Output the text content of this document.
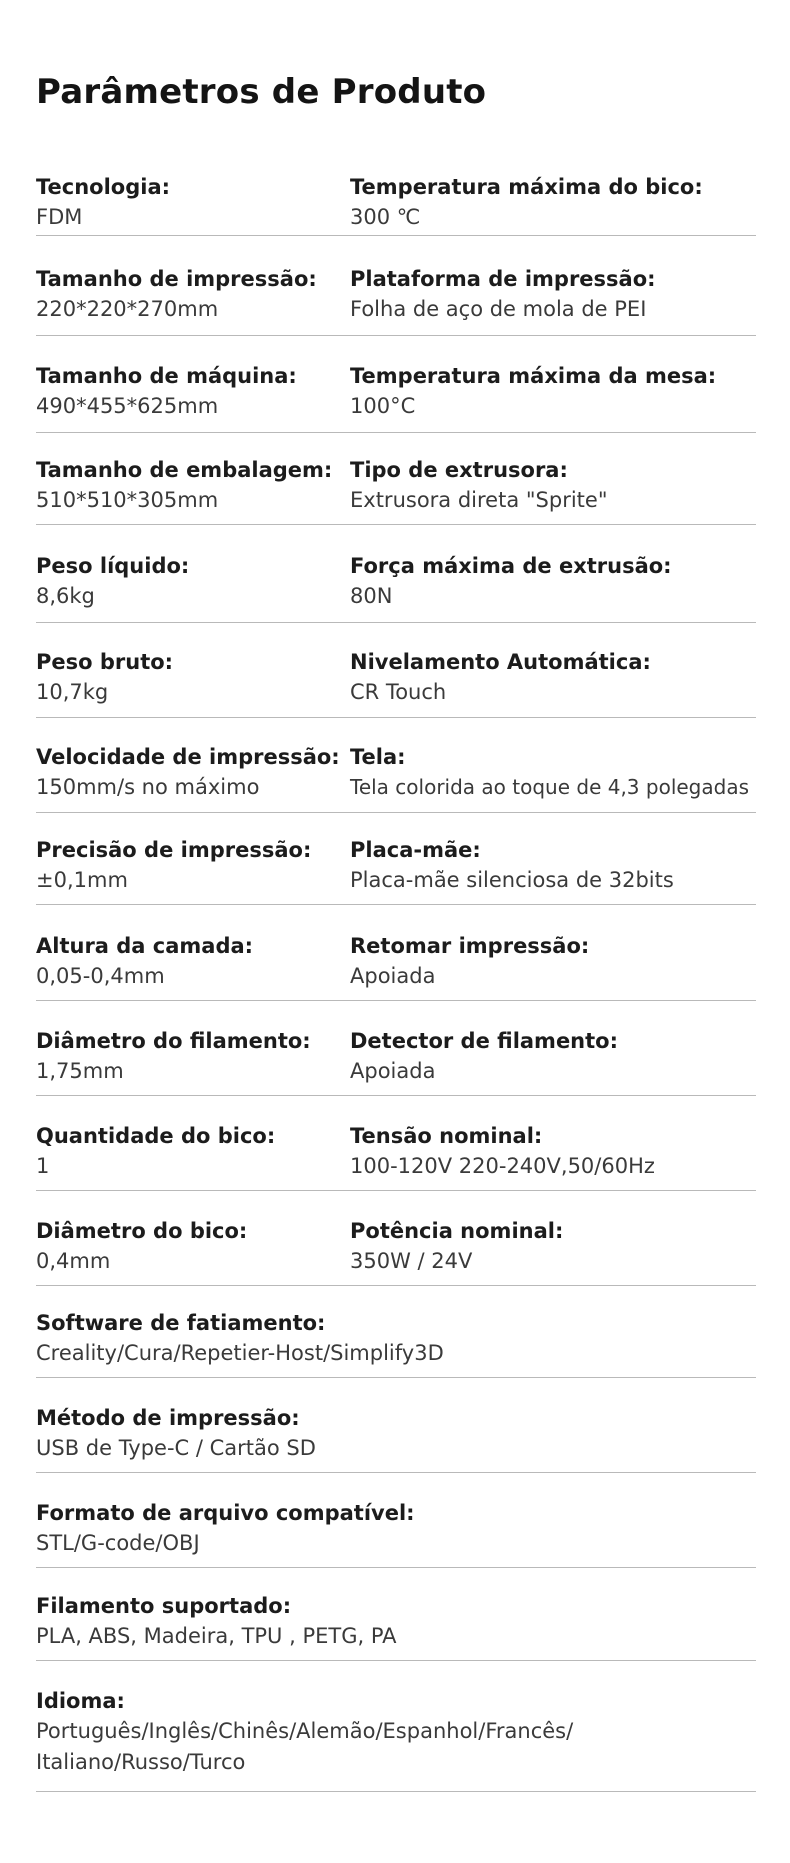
Parâmetros de Produto
Tecnologia:
FDM
Temperatura máxima do bico:
300 ℃
Tamanho de impressão:
220*220*270mm
Plataforma de impressão:
Folha de aço de mola de PEI
Tamanho de máquina:
490*455*625mm
Temperatura máxima da mesa:
100°C
Tamanho de embalagem:
510*510*305mm
Tipo de extrusora:
Extrusora direta "Sprite"
Peso líquido:
8,6kg
Força máxima de extrusão:
80N
Peso bruto:
10,7kg
Nivelamento Automática:
CR Touch
Velocidade de impressão:
150mm/s no máximo
Tela:
Tela colorida ao toque de 4,3 polegadas
Precisão de impressão:
±0,1mm
Placa-mãe:
Placa-mãe silenciosa de 32bits
Altura da camada:
0,05-0,4mm
Retomar impressão:
Apoiada
Diâmetro do filamento:
1,75mm
Detector de filamento:
Apoiada
Quantidade do bico:
1
Tensão nominal:
100-120V 220-240V,50/60Hz
Diâmetro do bico:
0,4mm
Potência nominal:
350W / 24V
Software de fatiamento:
Creality/Cura/Repetier-Host/Simplify3D
Método de impressão:
USB de Type-C / Cartão SD
Formato de arquivo compatível:
STL/G-code/OBJ
Filamento suportado:
PLA, ABS, Madeira, TPU , PETG, PA
Idioma:
Português/Inglês/Chinês/Alemão/Espanhol/Francês/
Italiano/Russo/Turco
